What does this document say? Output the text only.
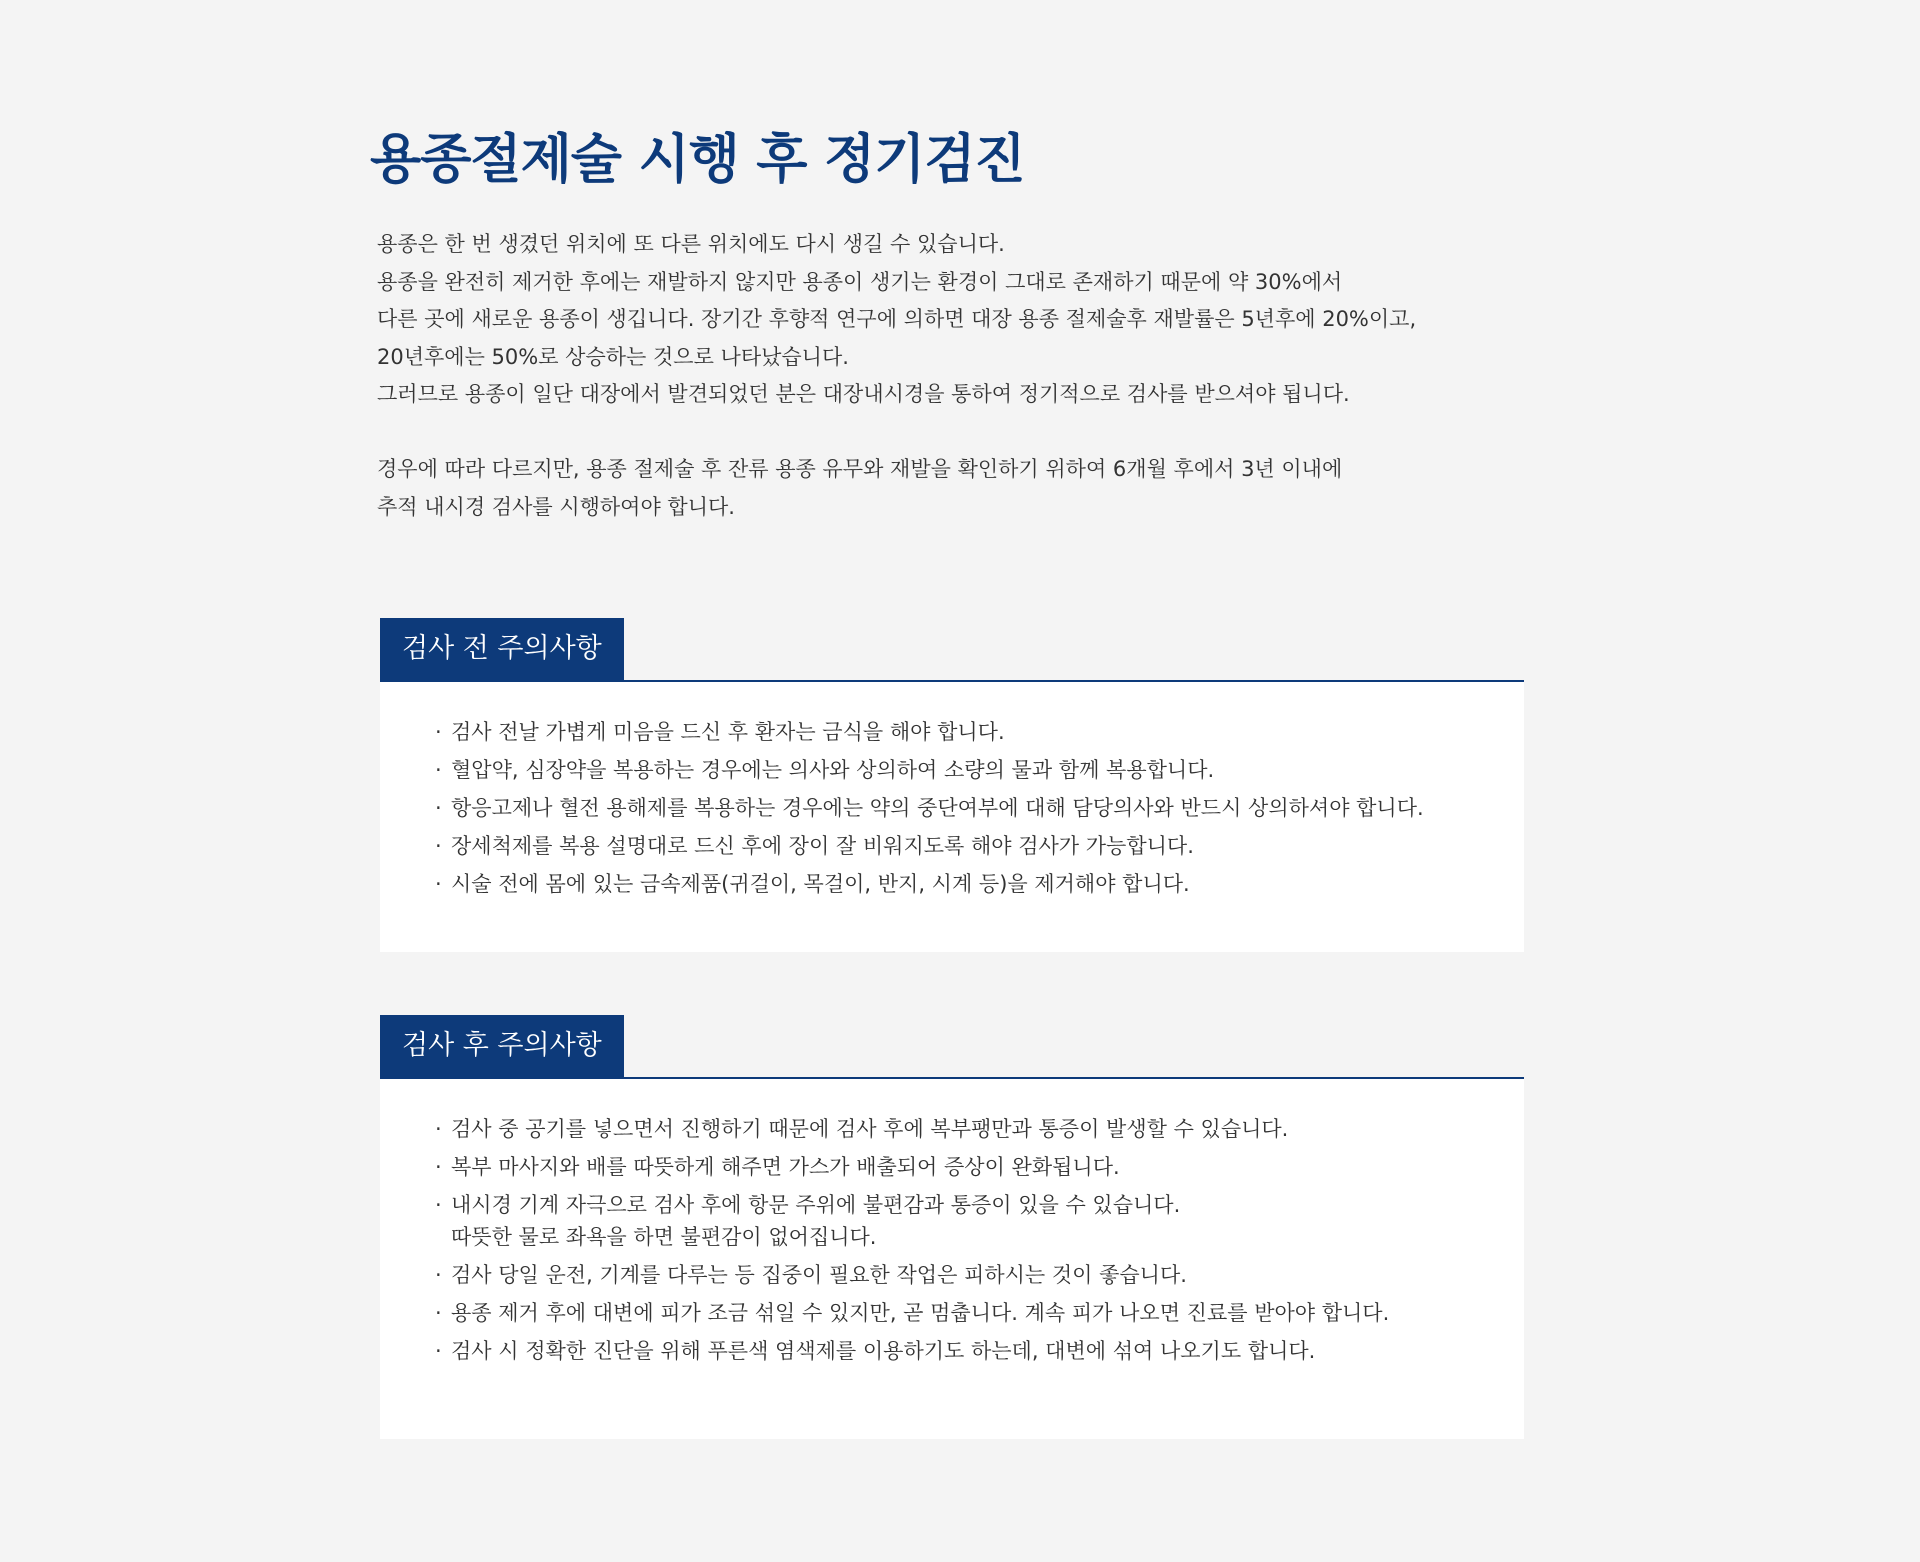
용종절제술 시행 후 정기검진

용종은 한 번 생겼던 위치에 또 다른 위치에도 다시 생길 수 있습니다.

용종을 완전히 제거한 후에는 재발하지 않지만 용종이 생기는 환경이 그대로 존재하기 때문에 약 30%에서

다른 곳에 새로운 용종이 생깁니다. 장기간 후향적 연구에 의하면 대장 용종 절제술후 재발률은 5년후에 20%이고,

20년후에는 50%로 상승하는 것으로 나타났습니다.

그러므로 용종이 일단 대장에서 발견되었던 분은 대장내시경을 통하여 정기적으로 검사를 받으셔야 됩니다.

경우에 따라 다르지만, 용종 절제술 후 잔류 용종 유무와 재발을 확인하기 위하여 6개월 후에서 3년 이내에

추적 내시경 검사를 시행하여야 합니다.

검사 전 주의사항
· 검사 전날 가볍게 미음을 드신 후 환자는 금식을 해야 합니다.
· 혈압약, 심장약을 복용하는 경우에는 의사와 상의하여 소량의 물과 함께 복용합니다.
· 항응고제나 혈전 용해제를 복용하는 경우에는 약의 중단여부에 대해 담당의사와 반드시 상의하셔야 합니다.
· 장세척제를 복용 설명대로 드신 후에 장이 잘 비워지도록 해야 검사가 가능합니다.
· 시술 전에 몸에 있는 금속제품(귀걸이, 목걸이, 반지, 시계 등)을 제거해야 합니다.
검사 후 주의사항
· 검사 중 공기를 넣으면서 진행하기 때문에 검사 후에 복부팽만과 통증이 발생할 수 있습니다.
· 복부 마사지와 배를 따뜻하게 해주면 가스가 배출되어 증상이 완화됩니다.
· 내시경 기계 자극으로 검사 후에 항문 주위에 불편감과 통증이 있을 수 있습니다.
따뜻한 물로 좌욕을 하면 불편감이 없어집니다.
· 검사 당일 운전, 기계를 다루는 등 집중이 필요한 작업은 피하시는 것이 좋습니다.
· 용종 제거 후에 대변에 피가 조금 섞일 수 있지만, 곧 멈춥니다. 계속 피가 나오면 진료를 받아야 합니다.
· 검사 시 정확한 진단을 위해 푸른색 염색제를 이용하기도 하는데, 대변에 섞여 나오기도 합니다.
